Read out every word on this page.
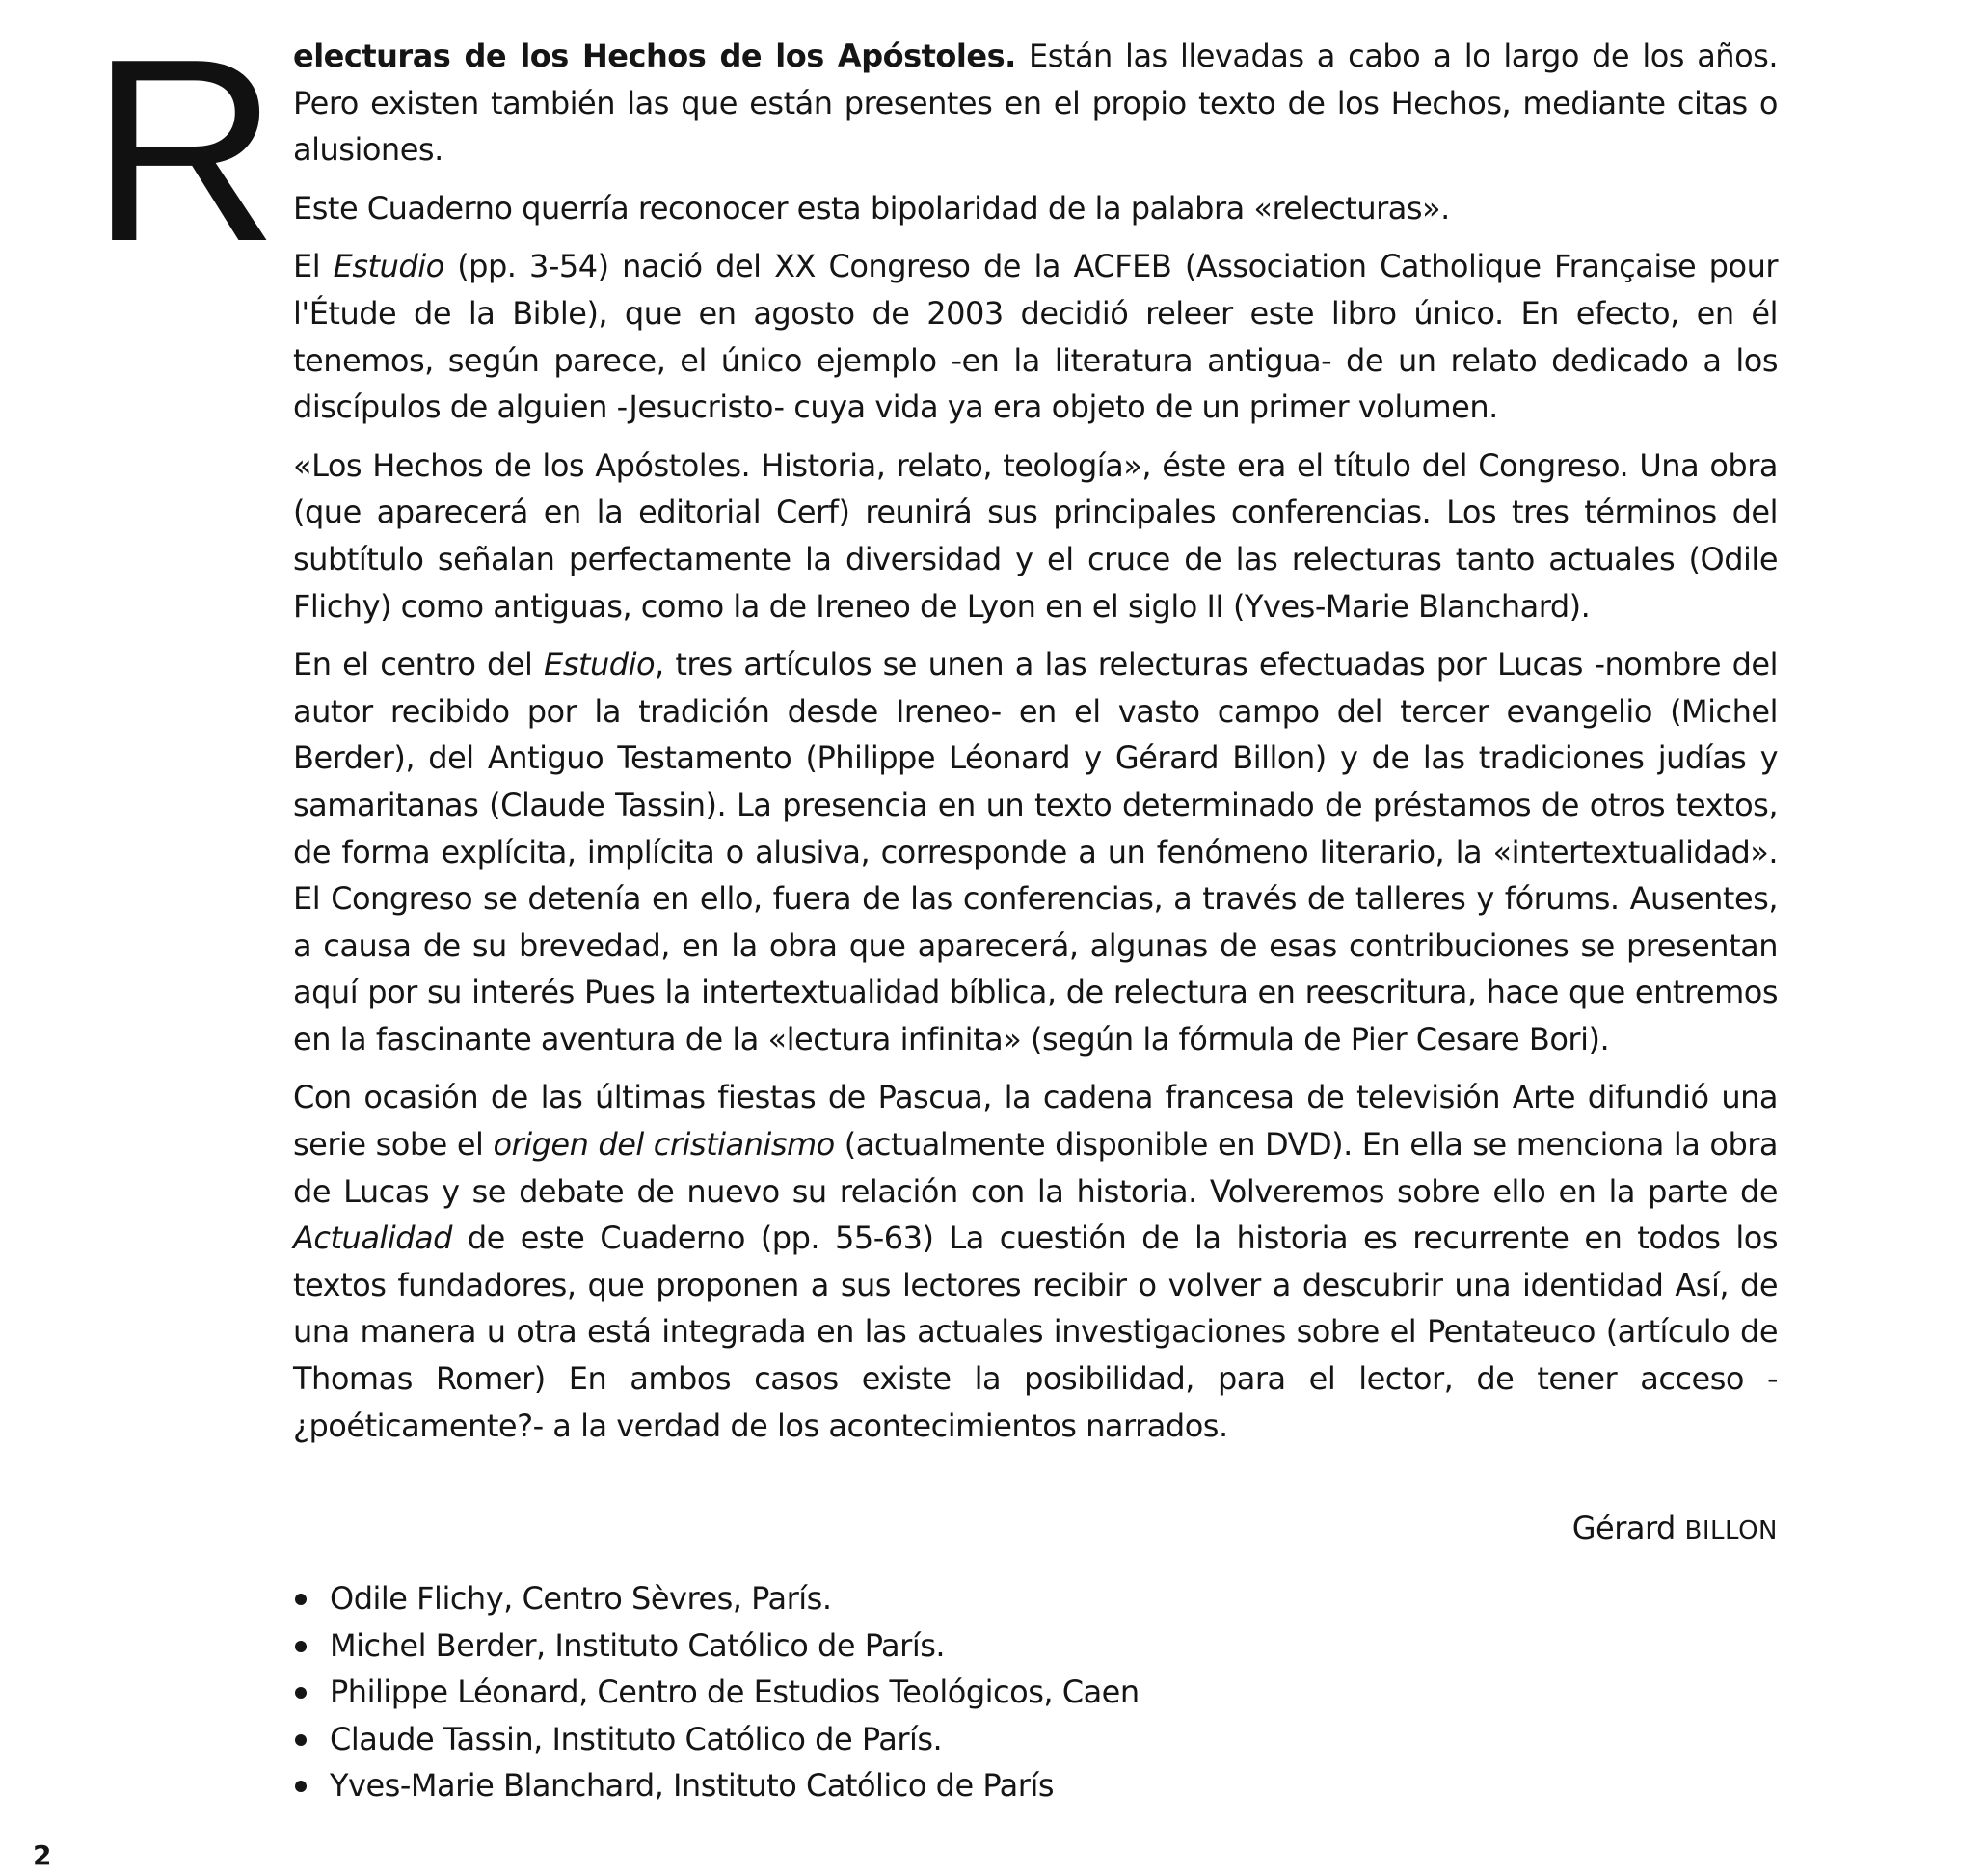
R electuras de los Hechos de los Apóstoles. Están las llevadas a cabo a lo largo de los años. Pero existen también las que están presentes en el propio texto de los Hechos, mediante citas o alusiones.

Este Cuaderno querría reconocer esta bipolaridad de la palabra «relecturas».

El Estudio (pp. 3-54) nació del XX Congreso de la ACFEB (Association Catholique Française pour l'Étude de la Bible), que en agosto de 2003 decidió releer este libro único. En efecto, en él tenemos, según parece, el único ejemplo -en la literatura antigua- de un relato dedicado a los discípulos de alguien -Jesucristo- cuya vida ya era objeto de un primer volumen.

«Los Hechos de los Apóstoles. Historia, relato, teología», éste era el título del Congreso. Una obra (que aparecerá en la editorial Cerf) reunirá sus principales conferencias. Los tres términos del subtítulo señalan perfectamente la diversidad y el cruce de las relecturas tanto actuales (Odile Flichy) como antiguas, como la de Ireneo de Lyon en el siglo II (Yves-Marie Blanchard).

En el centro del Estudio, tres artículos se unen a las relecturas efectuadas por Lucas -nombre del autor recibido por la tradición desde Ireneo- en el vasto campo del tercer evangelio (Michel Berder), del Antiguo Testamento (Philippe Léonard y Gérard Billon) y de las tradiciones judías y samaritanas (Claude Tassin). La presencia en un texto determinado de préstamos de otros textos, de forma explícita, implícita o alusiva, corresponde a un fenómeno literario, la «intertextualidad». El Congreso se detenía en ello, fuera de las conferencias, a través de talleres y fórums. Ausentes, a causa de su brevedad, en la obra que aparecerá, algunas de esas contribuciones se presentan aquí por su interés Pues la intertextualidad bíblica, de relectura en reescritura, hace que entremos en la fascinante aventura de la «lectura infinita» (según la fórmula de Pier Cesare Bori).

Con ocasión de las últimas fiestas de Pascua, la cadena francesa de televisión Arte difundió una serie sobe el origen del cristianismo (actualmente disponible en DVD). En ella se menciona la obra de Lucas y se debate de nuevo su relación con la historia. Volveremos sobre ello en la parte de Actualidad de este Cuaderno (pp. 55-63) La cuestión de la historia es recurrente en todos los textos fundadores, que proponen a sus lectores recibir o volver a descubrir una identidad Así, de una manera u otra está integrada en las actuales investigaciones sobre el Pentateuco (artículo de Thomas Romer) En ambos casos existe la posibilidad, para el lector, de tener acceso -¿poéticamente?- a la verdad de los acontecimientos narrados.

Gérard BILLON
Odile Flichy, Centro Sèvres, París.
Michel Berder, Instituto Católico de París.
Philippe Léonard, Centro de Estudios Teológicos, Caen
Claude Tassin, Instituto Católico de París.
Yves-Marie Blanchard, Instituto Católico de París
2
